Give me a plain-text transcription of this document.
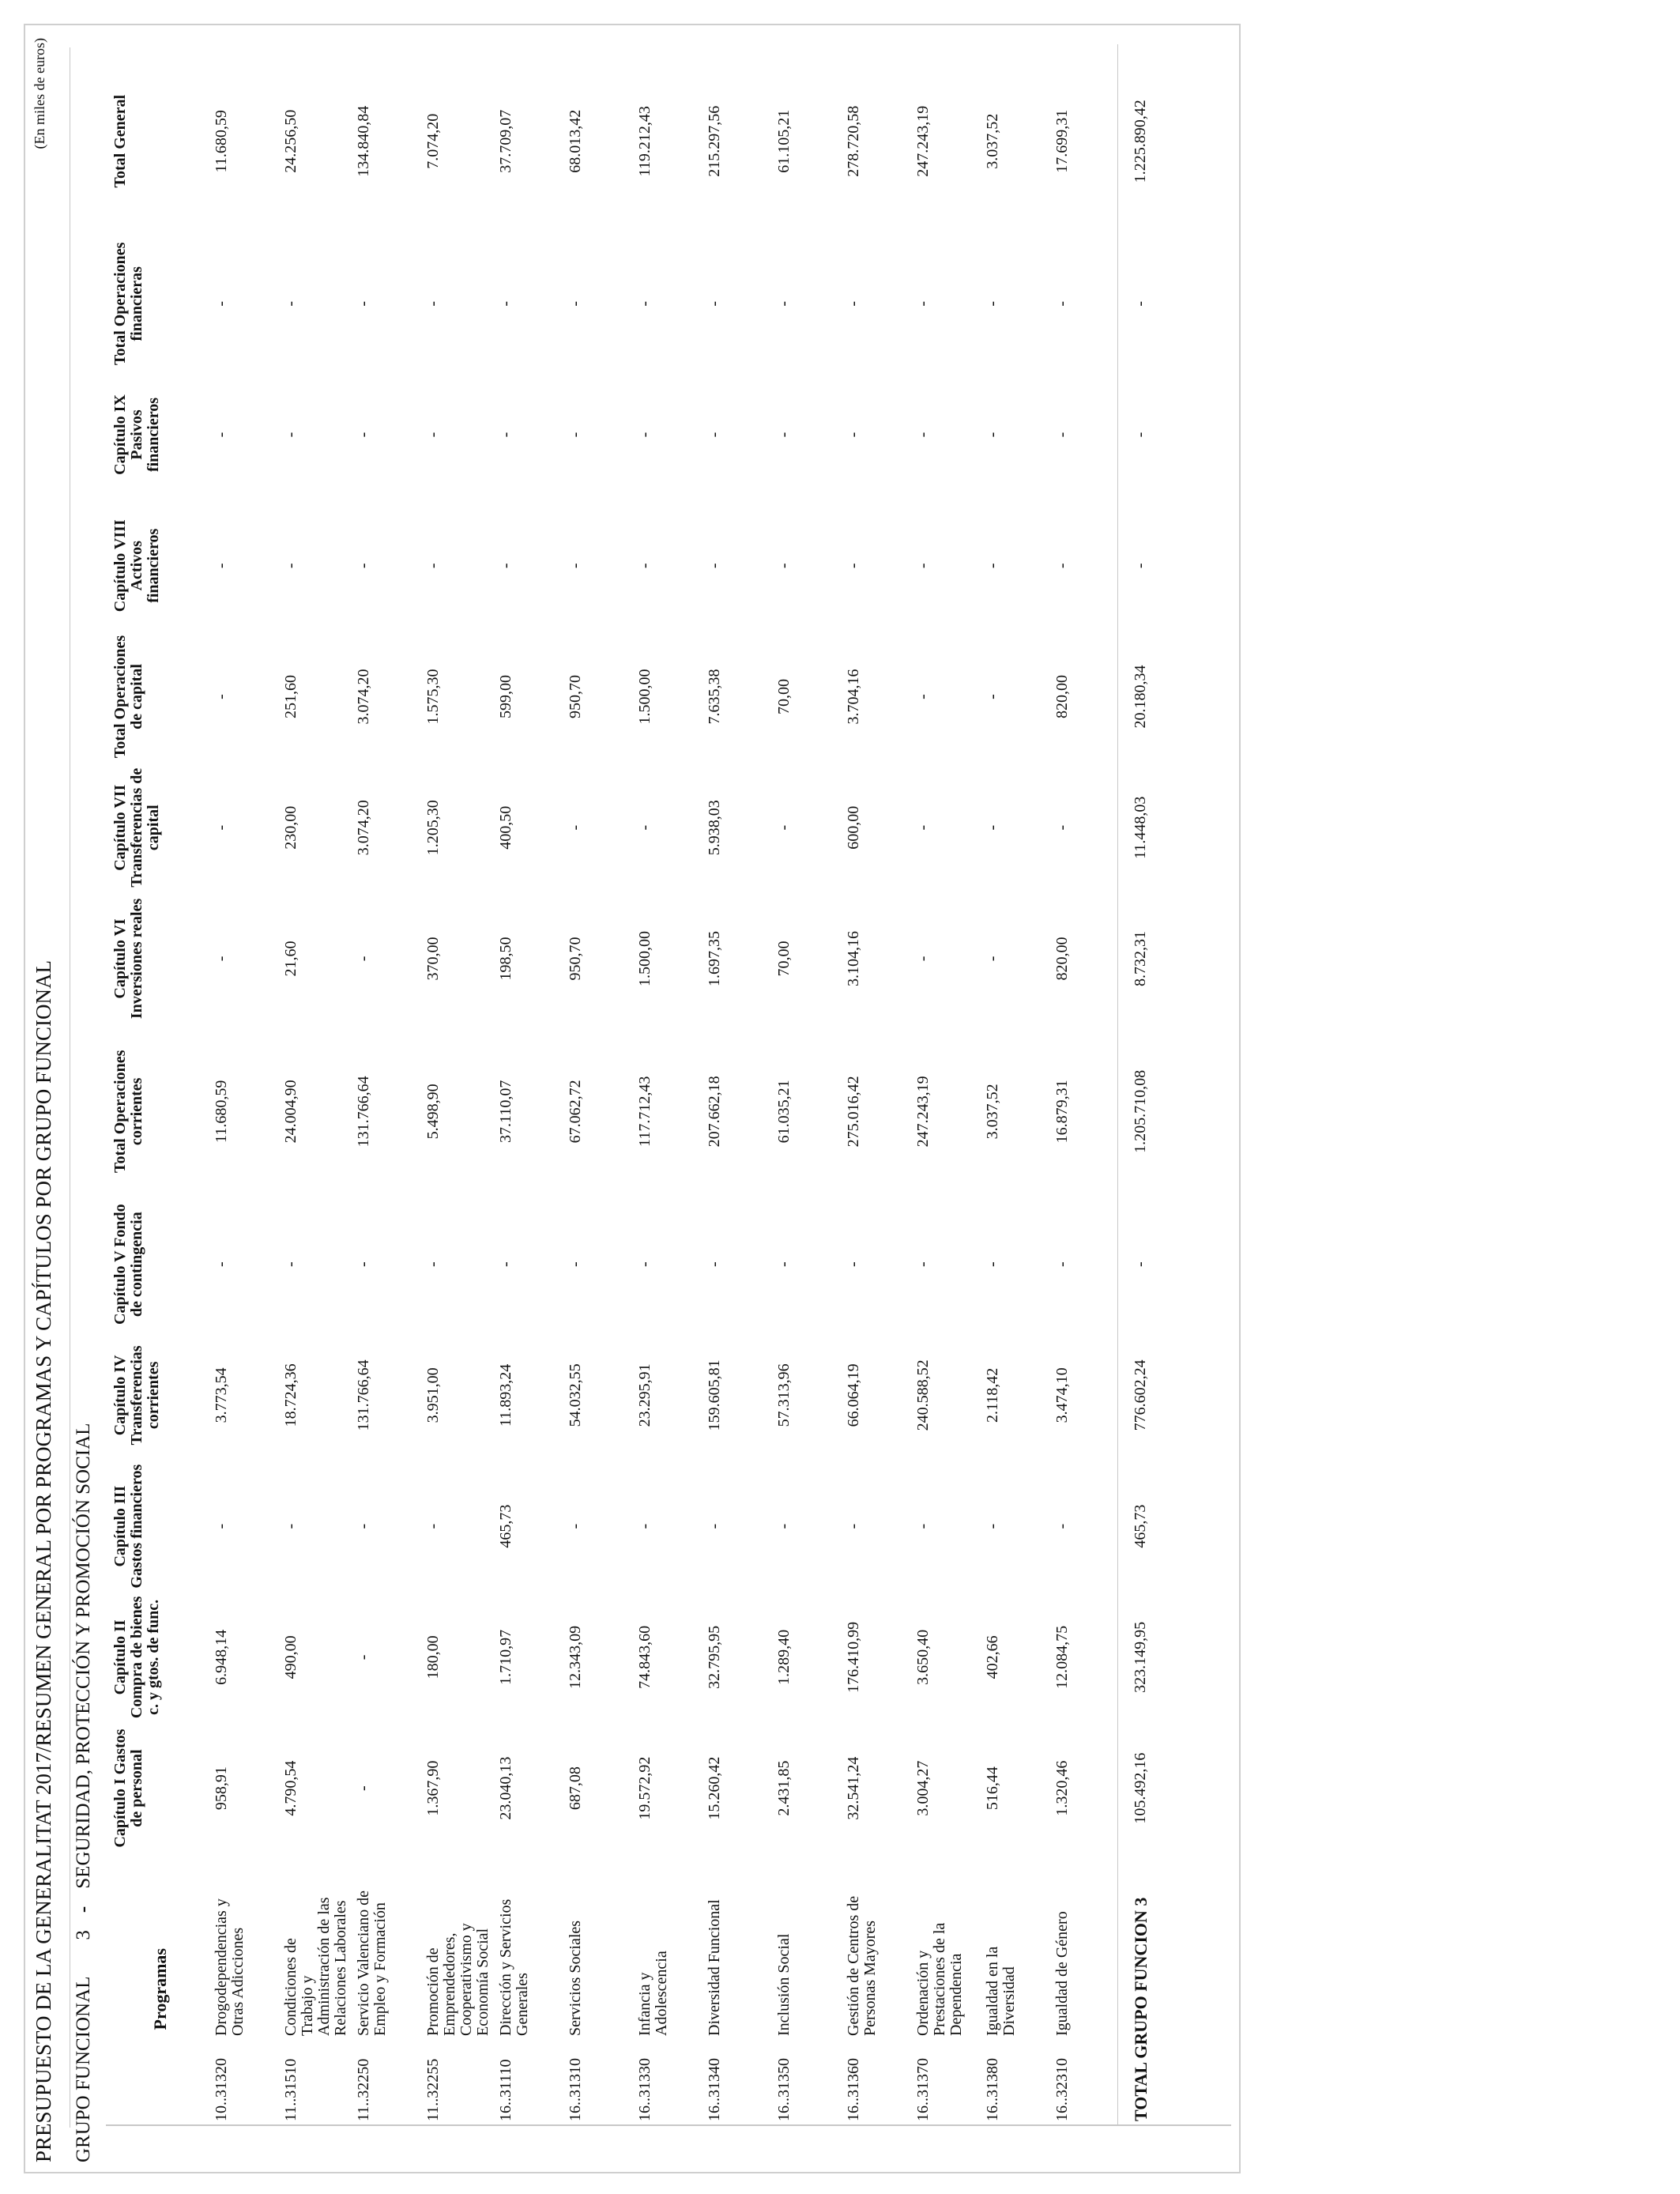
PRESUPUESTO DE LA GENERALITAT 2017/RESUMEN GENERAL POR PROGRAMAS Y CAPÍTULOS POR GRUPO FUNCIONAL
(En miles de euros)
GRUPO FUNCIONAL3-SEGURIDAD, PROTECCIÓN Y PROMOCIÓN SOCIAL
Programas	Capítulo I Gastos de personal	Capítulo II Compra de bienes c. y gtos. de func.	Capítulo III Gastos financieros	Capítulo IV Transferencias corrientes	Capítulo V Fondo de contingencia	Total Operaciones corrientes	Capítulo VI Inversiones reales	Capítulo VII Transferencias de capital	Total Operaciones de capital	Capítulo VIII Activos financieros	Capítulo IX Pasivos financieros	Total Operaciones financieras	Total General
10..31320Drogodependencias y Otras Adicciones	958,91	6.948,14	-	3.773,54	-	11.680,59	-	-	-	-	-	-	11.680,59
11..31510Condiciones de Trabajo y Administración de las Relaciones Laborales	4.790,54	490,00	-	18.724,36	-	24.004,90	21,60	230,00	251,60	-	-	-	24.256,50
11..32250Servicio Valenciano de Empleo y Formación	-	-	-	131.766,64	-	131.766,64	-	3.074,20	3.074,20	-	-	-	134.840,84
11..32255Promoción de Emprendedores, Cooperativismo y Economía Social	1.367,90	180,00	-	3.951,00	-	5.498,90	370,00	1.205,30	1.575,30	-	-	-	7.074,20
16..31110Dirección y Servicios Generales	23.040,13	1.710,97	465,73	11.893,24	-	37.110,07	198,50	400,50	599,00	-	-	-	37.709,07
16..31310Servicios Sociales	687,08	12.343,09	-	54.032,55	-	67.062,72	950,70	-	950,70	-	-	-	68.013,42
16..31330Infancia y Adolescencia	19.572,92	74.843,60	-	23.295,91	-	117.712,43	1.500,00	-	1.500,00	-	-	-	119.212,43
16..31340Diversidad Funcional	15.260,42	32.795,95	-	159.605,81	-	207.662,18	1.697,35	5.938,03	7.635,38	-	-	-	215.297,56
16..31350Inclusión Social	2.431,85	1.289,40	-	57.313,96	-	61.035,21	70,00	-	70,00	-	-	-	61.105,21
16..31360Gestión de Centros de Personas Mayores	32.541,24	176.410,99	-	66.064,19	-	275.016,42	3.104,16	600,00	3.704,16	-	-	-	278.720,58
16..31370Ordenación y Prestaciones de la Dependencia	3.004,27	3.650,40	-	240.588,52	-	247.243,19	-	-	-	-	-	-	247.243,19
16..31380Igualdad en la Diversidad	516,44	402,66	-	2.118,42	-	3.037,52	-	-	-	-	-	-	3.037,52
16..32310Igualdad de Género	1.320,46	12.084,75	-	3.474,10	-	16.879,31	820,00	-	820,00	-	-	-	17.699,31
TOTAL GRUPO FUNCION 3	105.492,16	323.149,95	465,73	776.602,24	-	1.205.710,08	8.732,31	11.448,03	20.180,34	-	-	-	1.225.890,42
